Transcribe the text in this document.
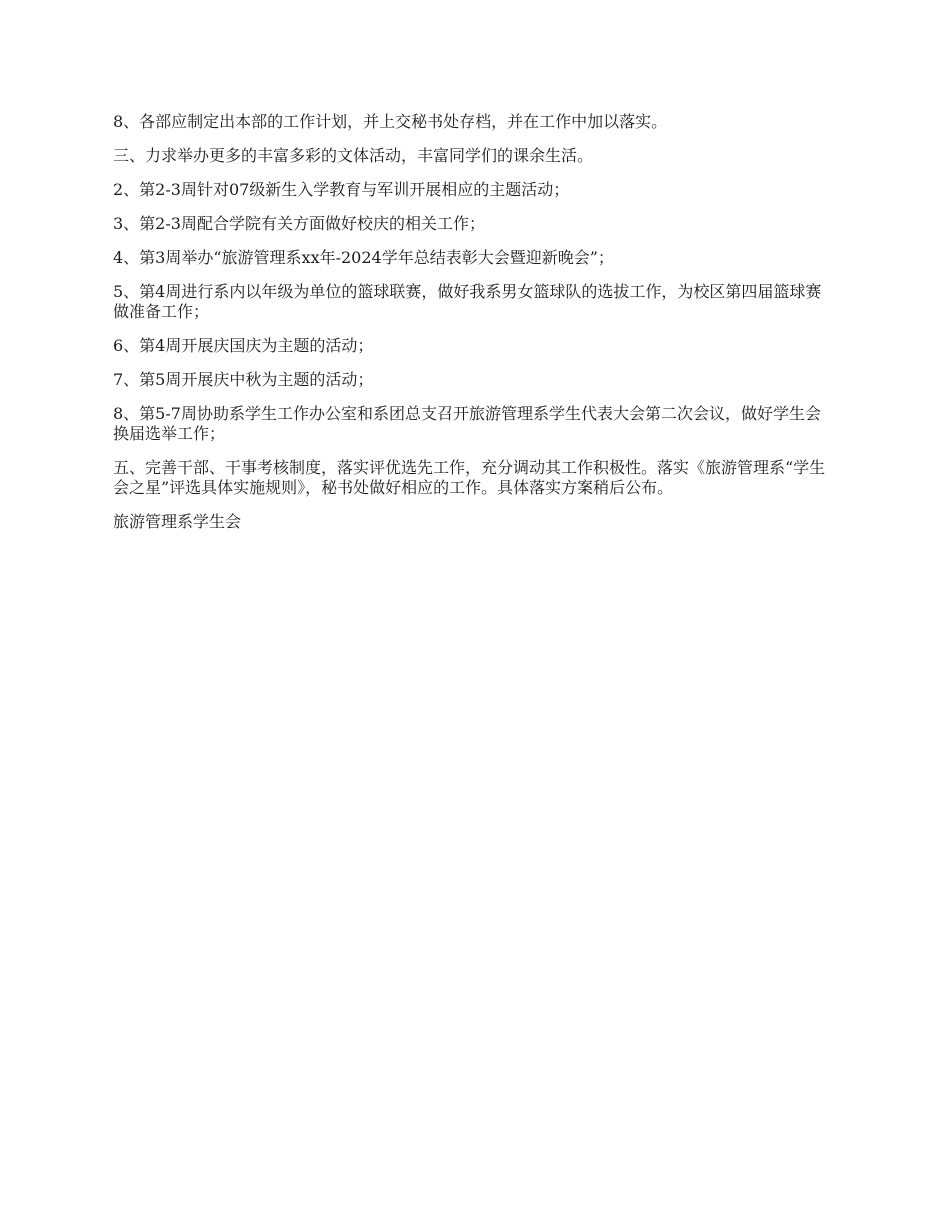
8、各部应制定出本部的工作计划，并上交秘书处存档，并在工作中加以落实。

三、力求举办更多的丰富多彩的文体活动，丰富同学们的课余生活。

2、第2-3周针对07级新生入学教育与军训开展相应的主题活动；

3、第2-3周配合学院有关方面做好校庆的相关工作；

4、第3周举办“旅游管理系xx年-2024学年总结表彰大会暨迎新晚会”；

5、第4周进行系内以年级为单位的篮球联赛，做好我系男女篮球队的选拔工作，为校区第四届篮球赛做准备工作；

6、第4周开展庆国庆为主题的活动；

7、第5周开展庆中秋为主题的活动；

8、第5-7周协助系学生工作办公室和系团总支召开旅游管理系学生代表大会第二次会议，做好学生会换届选举工作；

五、完善干部、干事考核制度，落实评优选先工作，充分调动其工作积极性。落实《旅游管理系“学生会之星”评选具体实施规则》，秘书处做好相应的工作。具体落实方案稍后公布。

旅游管理系学生会
